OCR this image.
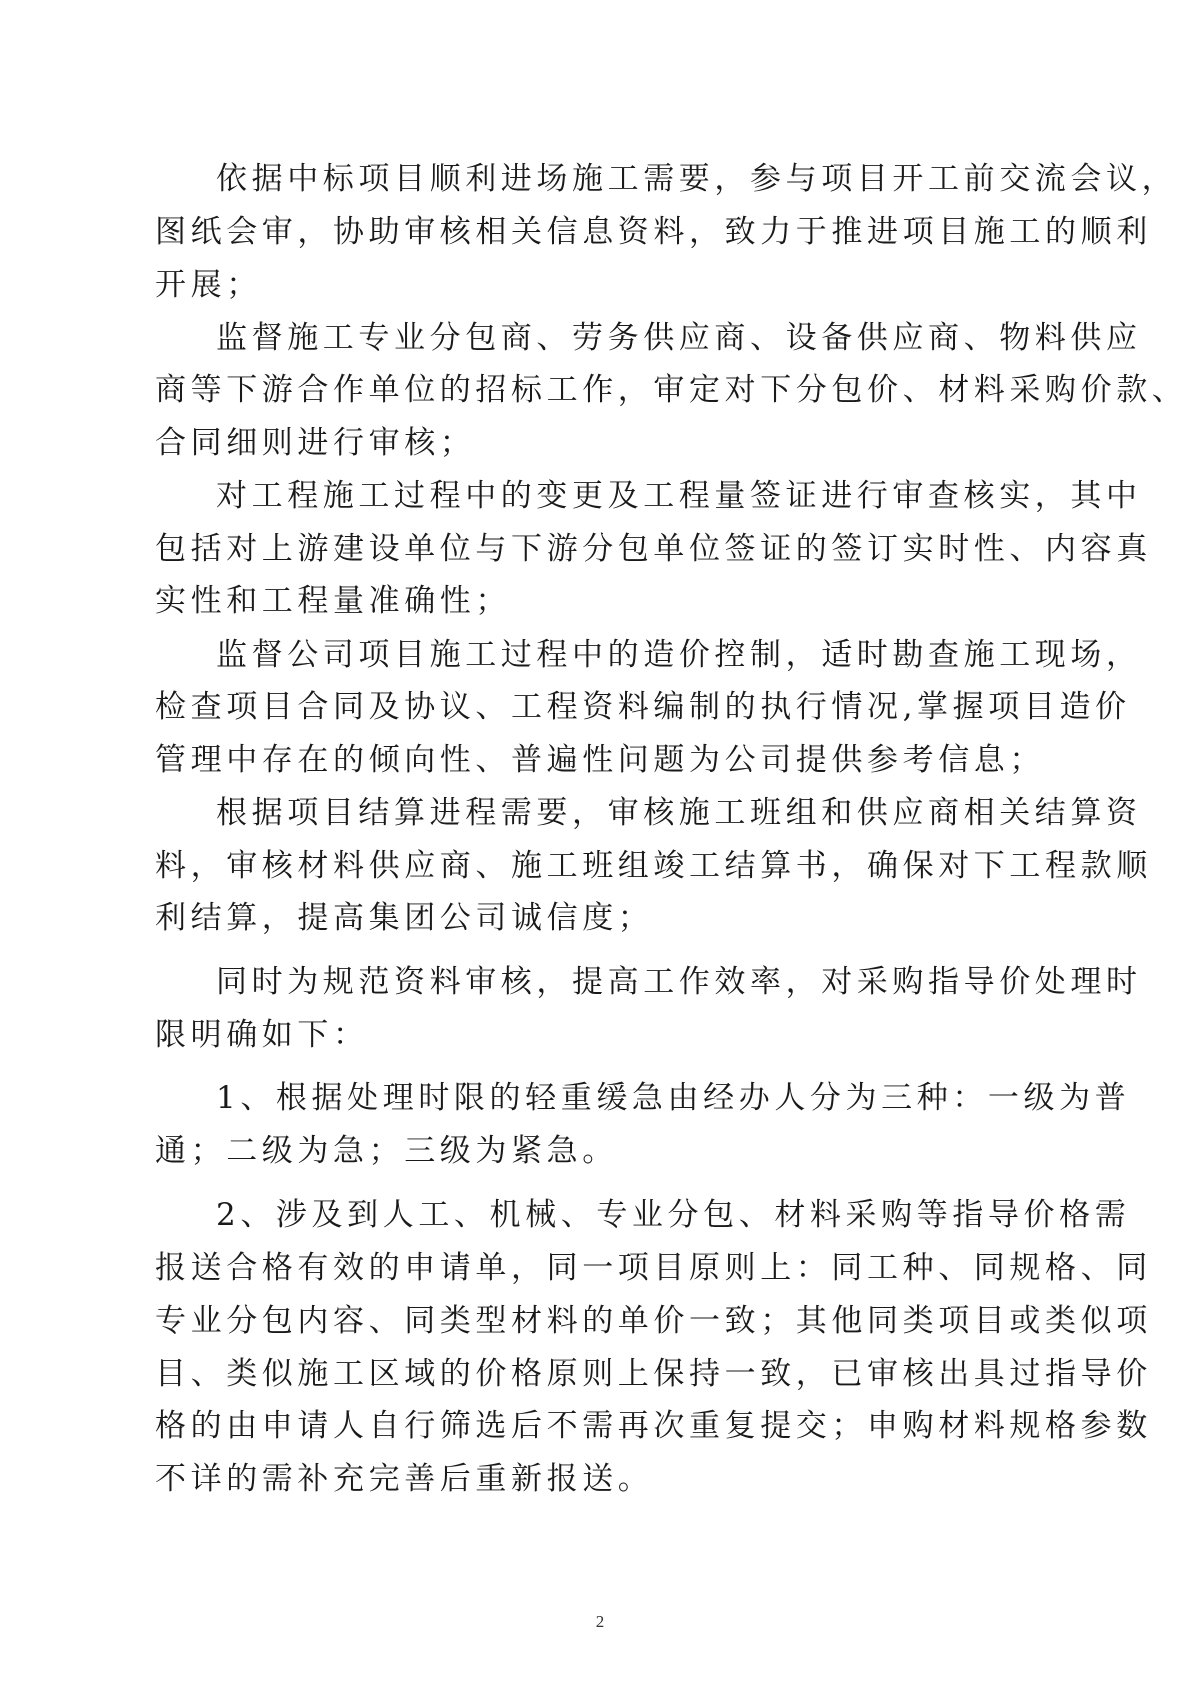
依据中标项目顺利进场施工需要，参与项目开工前交流会议，
图纸会审，协助审核相关信息资料，致力于推进项目施工的顺利
开展；
监督施工专业分包商、劳务供应商、设备供应商、物料供应
商等下游合作单位的招标工作，审定对下分包价、材料采购价款、
合同细则进行审核；
对工程施工过程中的变更及工程量签证进行审查核实，其中
包括对上游建设单位与下游分包单位签证的签订实时性、内容真
实性和工程量准确性；
监督公司项目施工过程中的造价控制，适时勘查施工现场，
检查项目合同及协议、工程资料编制的执行情况,掌握项目造价
管理中存在的倾向性、普遍性问题为公司提供参考信息；
根据项目结算进程需要，审核施工班组和供应商相关结算资
料，审核材料供应商、施工班组竣工结算书，确保对下工程款顺
利结算，提高集团公司诚信度；
同时为规范资料审核，提高工作效率，对采购指导价处理时
限明确如下：
1、根据处理时限的轻重缓急由经办人分为三种：一级为普
通；二级为急；三级为紧急。
2、涉及到人工、机械、专业分包、材料采购等指导价格需
报送合格有效的申请单，同一项目原则上：同工种、同规格、同
专业分包内容、同类型材料的单价一致；其他同类项目或类似项
目、类似施工区域的价格原则上保持一致，已审核出具过指导价
格的由申请人自行筛选后不需再次重复提交；申购材料规格参数
不详的需补充完善后重新报送。
2
